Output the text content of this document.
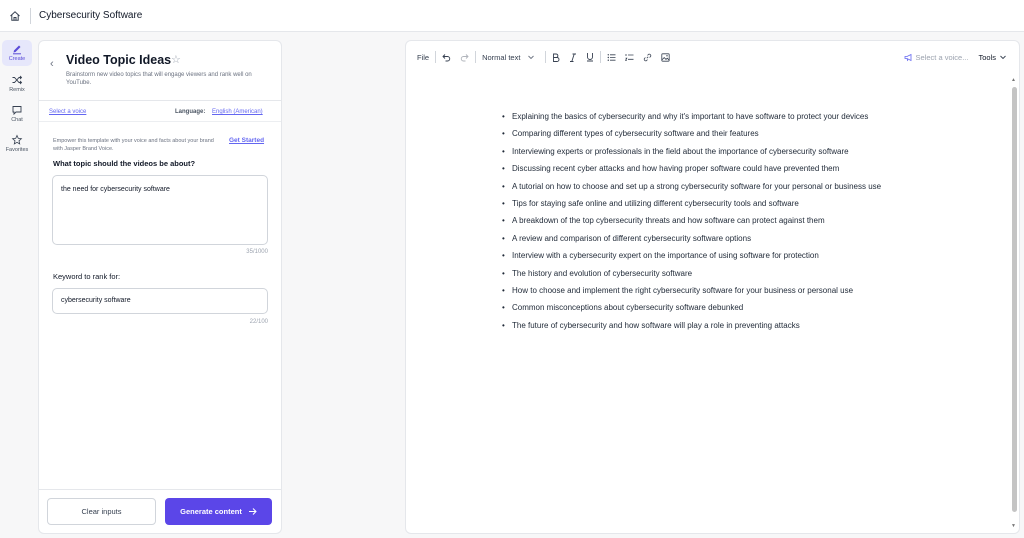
Cybersecurity Software
Create
Remix
Chat
Favorites
‹ Video Topic Ideas ☆
Brainstorm new video topics that will engage viewers and rank well on YouTube.
Select a voice	Language: English (American)
Empower this template with your voice and facts about your brand with Jasper Brand Voice.
Get Started
What topic should the videos be about?
the need for cybersecurity software
35/1000
Keyword to rank for:
cybersecurity software
22/100
Clear inputs	Generate content
File	Normal text	Select a voice... Tools
• Explaining the basics of cybersecurity and why it's important to have software to protect your devices
• Comparing different types of cybersecurity software and their features
• Interviewing experts or professionals in the field about the importance of cybersecurity software
• Discussing recent cyber attacks and how having proper software could have prevented them
• A tutorial on how to choose and set up a strong cybersecurity software for your personal or business use
• Tips for staying safe online and utilizing different cybersecurity tools and software
• A breakdown of the top cybersecurity threats and how software can protect against them
• A review and comparison of different cybersecurity software options
• Interview with a cybersecurity expert on the importance of using software for protection
• The history and evolution of cybersecurity software
• How to choose and implement the right cybersecurity software for your business or personal use
• Common misconceptions about cybersecurity software debunked
• The future of cybersecurity and how software will play a role in preventing attacks
▲
▼
